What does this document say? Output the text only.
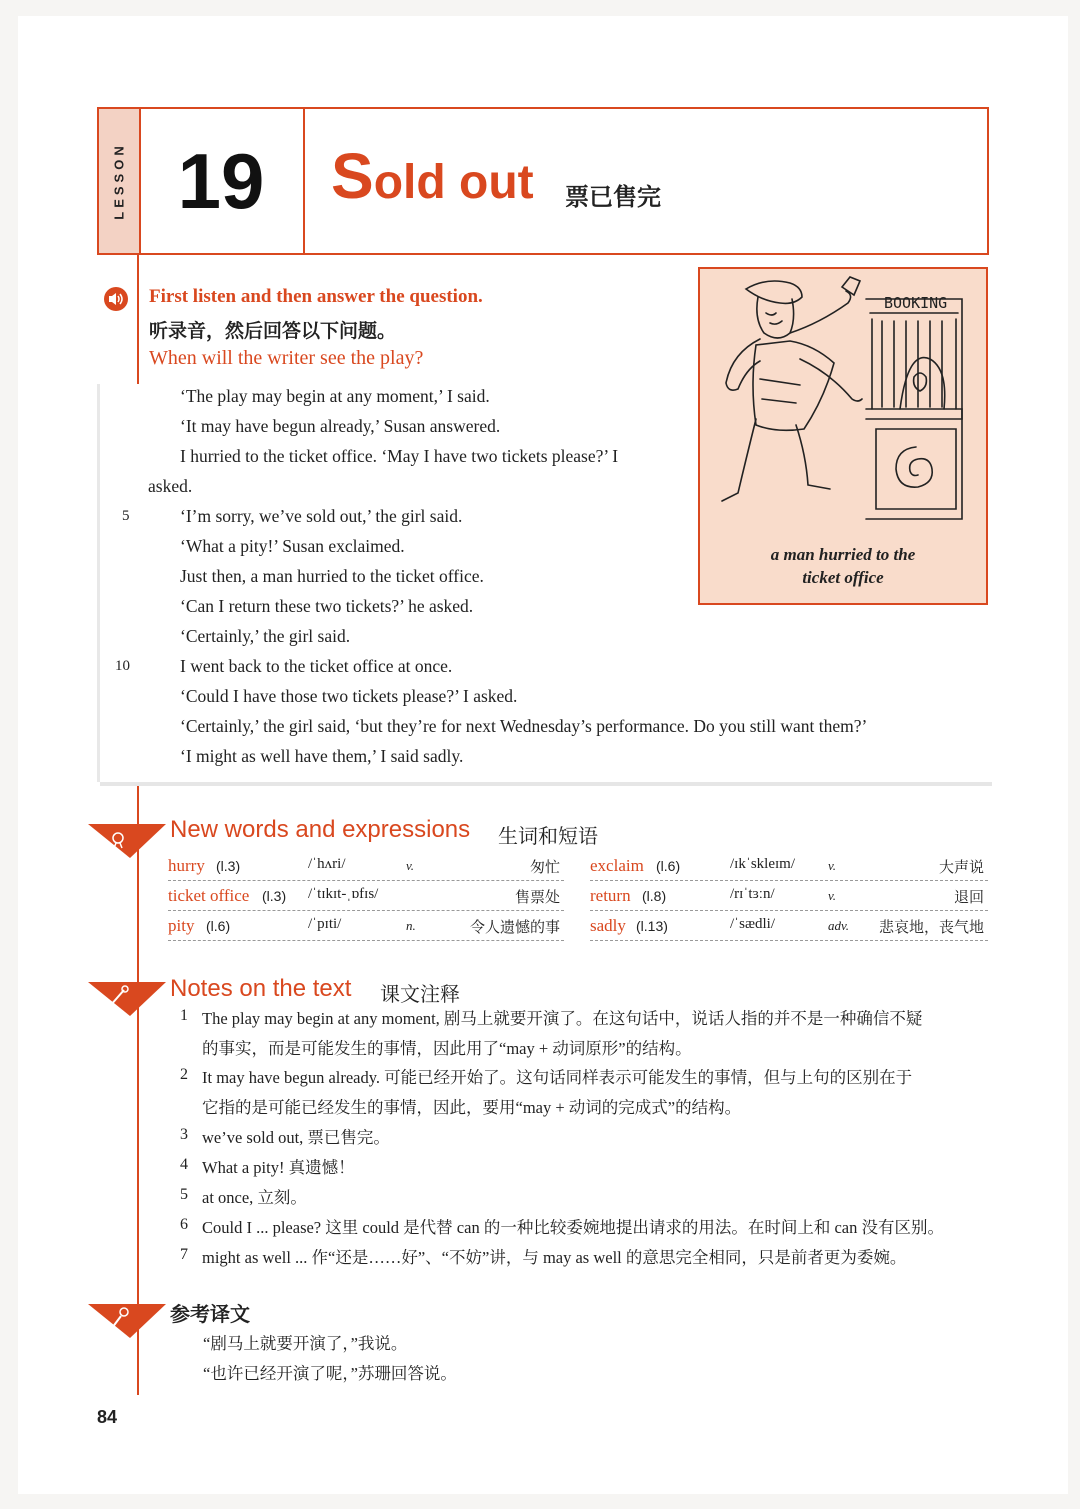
LESSON 19	Sold out 票已售完
First listen and then answer the question.
听录音，然后回答以下问题。
When will the writer see the play?
‘The play may begin at any moment,’ I said.
‘It may have begun already,’ Susan answered.
I hurried to the ticket office. ‘May I have two tickets please?’ I
asked.
5	‘I’m sorry, we’ve sold out,’ the girl said.
‘What a pity!’ Susan exclaimed.
Just then, a man hurried to the ticket office.
‘Can I return these two tickets?’ he asked.
‘Certainly,’ the girl said.
10	I went back to the ticket office at once.
‘Could I have those two tickets please?’ I asked.
‘Certainly,’ the girl said, ‘but they’re for next Wednesday’s performance. Do you still want them?’
‘I might as well have them,’ I said sadly.
BOOKING
a man hurried to the
ticket office
New words and expressions 生词和短语
hurry (l.3)	/ˈhʌri/	v.	匆忙
ticket office (l.3) /ˈtɪkɪt-ˌɒfɪs/	售票处
pity (l.6)	/ˈpɪti/	n.	令人遗憾的事
exclaim (l.6)	/ɪkˈskleɪm/	v.	大声说
return (l.8)	/rɪˈtɜːn/	v.	退回
sadly (l.13)	/ˈsædli/	adv. 悲哀地，丧气地
Notes on the text 课文注释
1 The play may begin at any moment, 剧马上就要开演了。在这句话中，说话人指的并不是一种确信不疑
的事实，而是可能发生的事情，因此用了“may + 动词原形”的结构。
2 It may have begun already. 可能已经开始了。这句话同样表示可能发生的事情，但与上句的区别在于
它指的是可能已经发生的事情，因此，要用“may + 动词的完成式”的结构。
3 we’ve sold out, 票已售完。
4 What a pity! 真遗憾！
5 at once, 立刻。
6 Could I ... please? 这里 could 是代替 can 的一种比较委婉地提出请求的用法。在时间上和 can 没有区别。
7 might as well ... 作“还是……好”、“不妨”讲，与 may as well 的意思完全相同，只是前者更为委婉。
参考译文
“剧马上就要开演了，”我说。
“也许已经开演了呢，”苏珊回答说。
84
